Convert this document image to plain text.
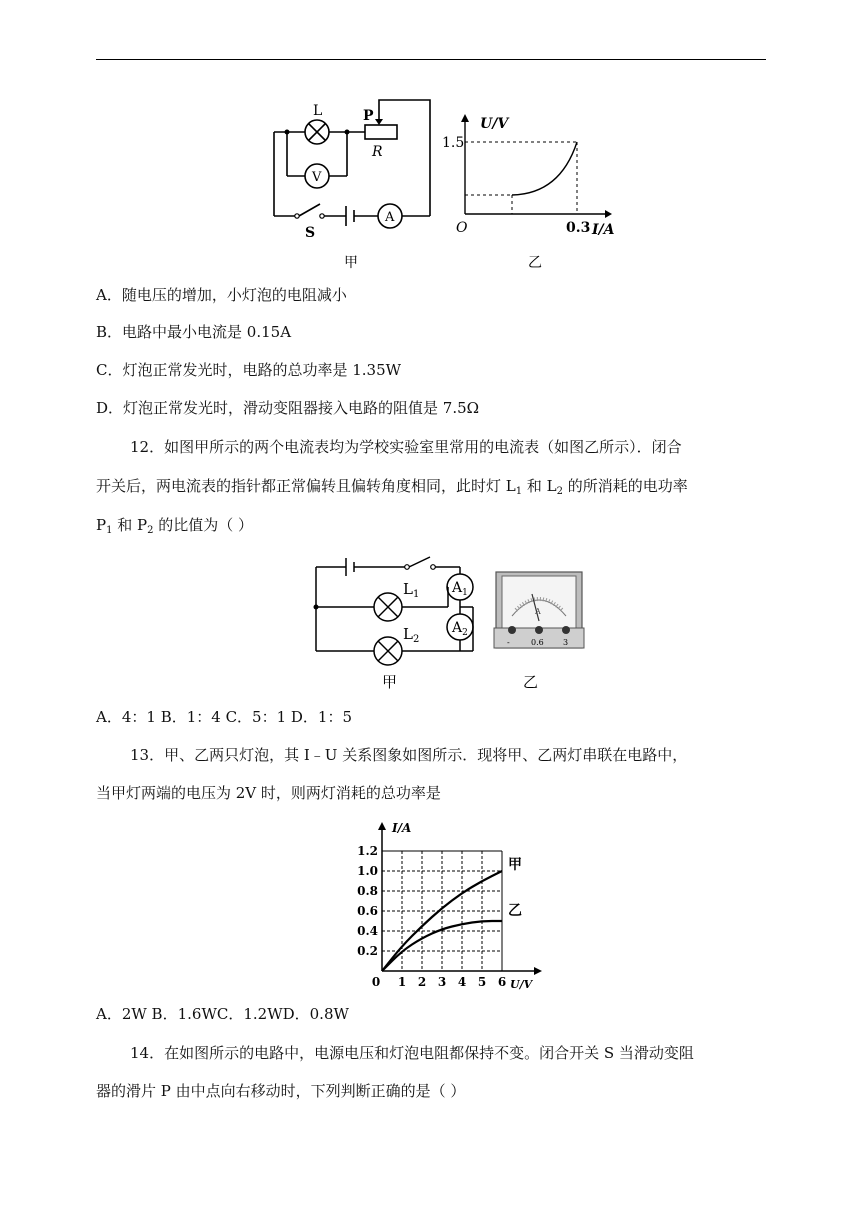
L	P
R
V
A
S
甲
U/V
1.5
O	0.3 I/A
乙
A．随电压的增加，小灯泡的电阻减小
B．电路中最小电流是 0.15A
C．灯泡正常发光时，电路的总功率是 1.35W
D．灯泡正常发光时，滑动变阻器接入电路的阻值是 7.5Ω
12．如图甲所示的两个电流表均为学校实验室里常用的电流表（如图乙所示）．闭合
开关后，两电流表的指针都正常偏转且偏转角度相同，此时灯 $L_1$ 和 $L_2$ 的所消耗的电功率
$P_1$ 和 $P_2$ 的比值为（ ）
$L_1$
$L_2$
$A_1$
$A_2$
甲
A
-	0.6 3
乙
A．4：1 B．1：4 C．5：1 D．1：5
13．甲、乙两只灯泡，其 I﹣U 关系图象如图所示．现将甲、乙两灯串联在电路中，
当甲灯两端的电压为 2V 时，则两灯消耗的总功率是
0.2
0.4
0.6
0.8
1.0
1.2
0 1 2 3 4 5 6
甲
乙
I/A
U/V
A．2W B．1.6WC．1.2WD．0.8W
14．在如图所示的电路中，电源电压和灯泡电阻都保持不变。闭合开关 S 当滑动变阻
器的滑片 P 由中点向右移动时，下列判断正确的是（ ）
